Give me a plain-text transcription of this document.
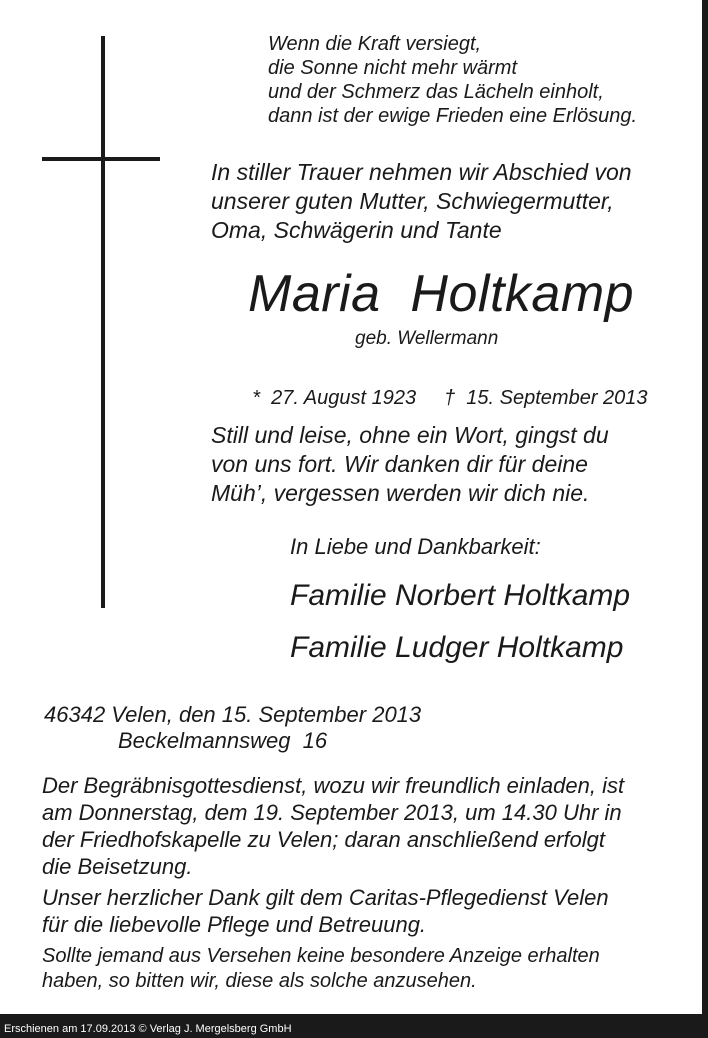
Wenn die Kraft versiegt,
die Sonne nicht mehr wärmt
und der Schmerz das Lächeln einholt,
dann ist der ewige Frieden eine Erlösung.
In stiller Trauer nehmen wir Abschied von
unserer guten Mutter, Schwiegermutter,
Oma, Schwägerin und Tante
Maria  Holtkamp
geb. Wellermann

*  27. August 1923 †  15. September 2013

Still und leise, ohne ein Wort, gingst du
von uns fort. Wir danken dir für deine
Müh’, vergessen werden wir dich nie.
In Liebe und Dankbarkeit:
Familie Norbert Holtkamp
Familie Ludger Holtkamp
46342 Velen, den 15. September 2013
Beckelmannsweg  16
Der Begräbnisgottesdienst, wozu wir freundlich einladen, ist
am Donnerstag, dem 19. September 2013, um 14.30 Uhr in
der Friedhofskapelle zu Velen; daran anschließend erfolgt
die Beisetzung.
Unser herzlicher Dank gilt dem Caritas-Pflegedienst Velen
für die liebevolle Pflege und Betreuung.
Sollte jemand aus Versehen keine besondere Anzeige erhalten
haben, so bitten wir, diese als solche anzusehen.
Erschienen am 17.09.2013 © Verlag J. Mergelsberg GmbH
